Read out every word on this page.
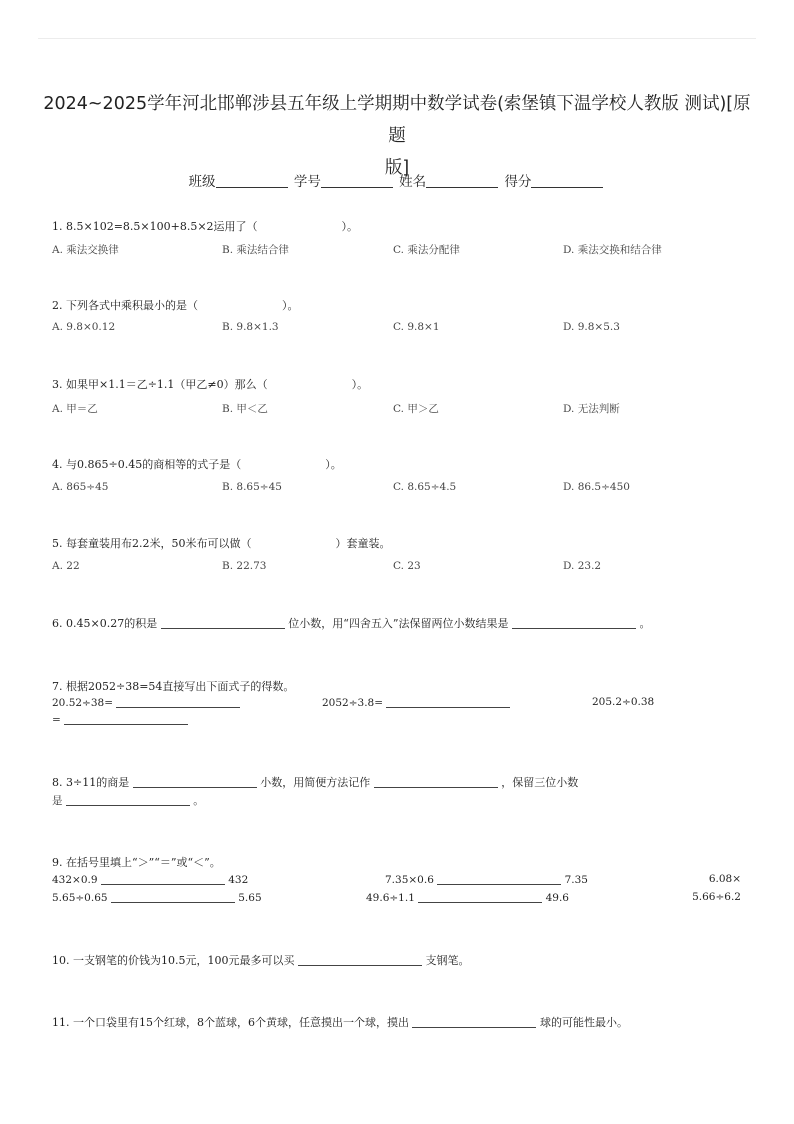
2024~2025学年河北邯郸涉县五年级上学期期中数学试卷(索堡镇下温学校人教版 测试)[原题
版]
班级	学号	姓名	得分
1. 8.5×102=8.5×100+8.5×2运用了（	）。
A. 乘法交换律	B. 乘法结合律	C. 乘法分配律	D. 乘法交换和结合律
2. 下列各式中乘积最小的是（	）。
A. 9.8×0.12	B. 9.8×1.3	C. 9.8×1	D. 9.8×5.3
3. 如果甲×1.1＝乙÷1.1（甲乙≠0）那么（	）。
A. 甲＝乙	B. 甲＜乙	C. 甲＞乙	D. 无法判断
4. 与0.865÷0.45的商相等的式子是（	）。
A. 865÷45	B. 8.65÷45	C. 8.65÷4.5	D. 86.5÷450
5. 每套童装用布2.2米，50米布可以做（	）套童装。
A. 22	B. 22.73	C. 23	D. 23.2
6. 0.45×0.27的积是	位小数，用“四舍五入”法保留两位小数结果是	。
7. 根据2052÷38=54直接写出下面式子的得数。
20.52÷38=	2052÷3.8=	205.2÷0.38
=
8. 3÷11的商是	小数，用简便方法记作	，保留三位小数
是	。
9. 在括号里填上“＞”“＝”或“＜”。
432×0.9	432	7.35×0.6	7.35	6.08×
5.65÷0.65	5.65	49.6÷1.1	49.6	5.66÷6.2
10. 一支钢笔的价钱为10.5元，100元最多可以买	支钢笔。
11. 一个口袋里有15个红球，8个蓝球，6个黄球，任意摸出一个球，摸出	球的可能性最小。
